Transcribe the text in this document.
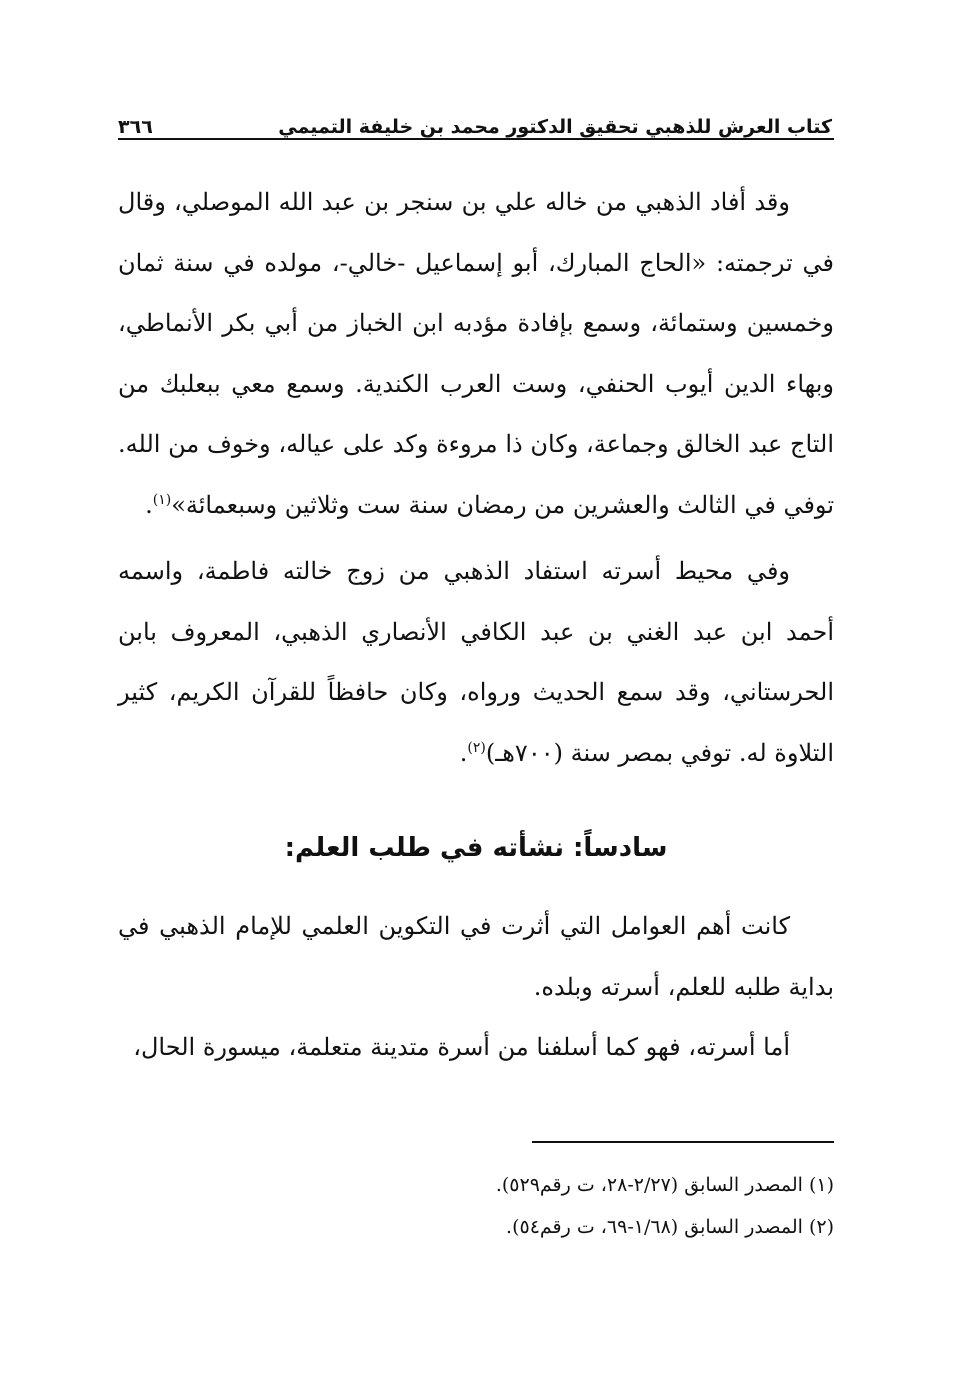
كتاب العرش للذهبي تحقيق الدكتور محمد بن خليفة التميمي
٣٦٦

وقد أفاد الذهبي من خاله علي بن سنجر بن عبد الله الموصلي، وقال في ترجمته: «الحاج المبارك، أبو إسماعيل -خالي-، مولده في سنة ثمان وخمسين وستمائة، وسمع بإفادة مؤدبه ابن الخباز من أبي بكر الأنماطي، وبهاء الدين أيوب الحنفي، وست العرب الكندية. وسمع معي ببعلبك من التاج عبد الخالق وجماعة، وكان ذا مروءة وكد على عياله، وخوف من الله. توفي في الثالث والعشرين من رمضان سنة ست وثلاثين وسبعمائة»$^{(١)}$.

وفي محيط أسرته استفاد الذهبي من زوج خالته فاطمة، واسمه أحمد ابن عبد الغني بن عبد الكافي الأنصاري الذهبي، المعروف بابن الحرستاني، وقد سمع الحديث ورواه، وكان حافظاً للقرآن الكريم، كثير التلاوة له. توفي بمصر سنة (٧٠٠هـ)$^{(٢)}$.

سادساً: نشأته في طلب العلم:

كانت أهم العوامل التي أثرت في التكوين العلمي للإمام الذهبي في بداية طلبه للعلم، أسرته وبلده.

أما أسرته، فهو كما أسلفنا من أسرة متدينة متعلمة، ميسورة الحال،

(١) المصدر السابق (٢/٢٧-٢٨، ت رقم٥٢٩).
(٢) المصدر السابق (١/٦٨-٦٩، ت رقم٥٤).
